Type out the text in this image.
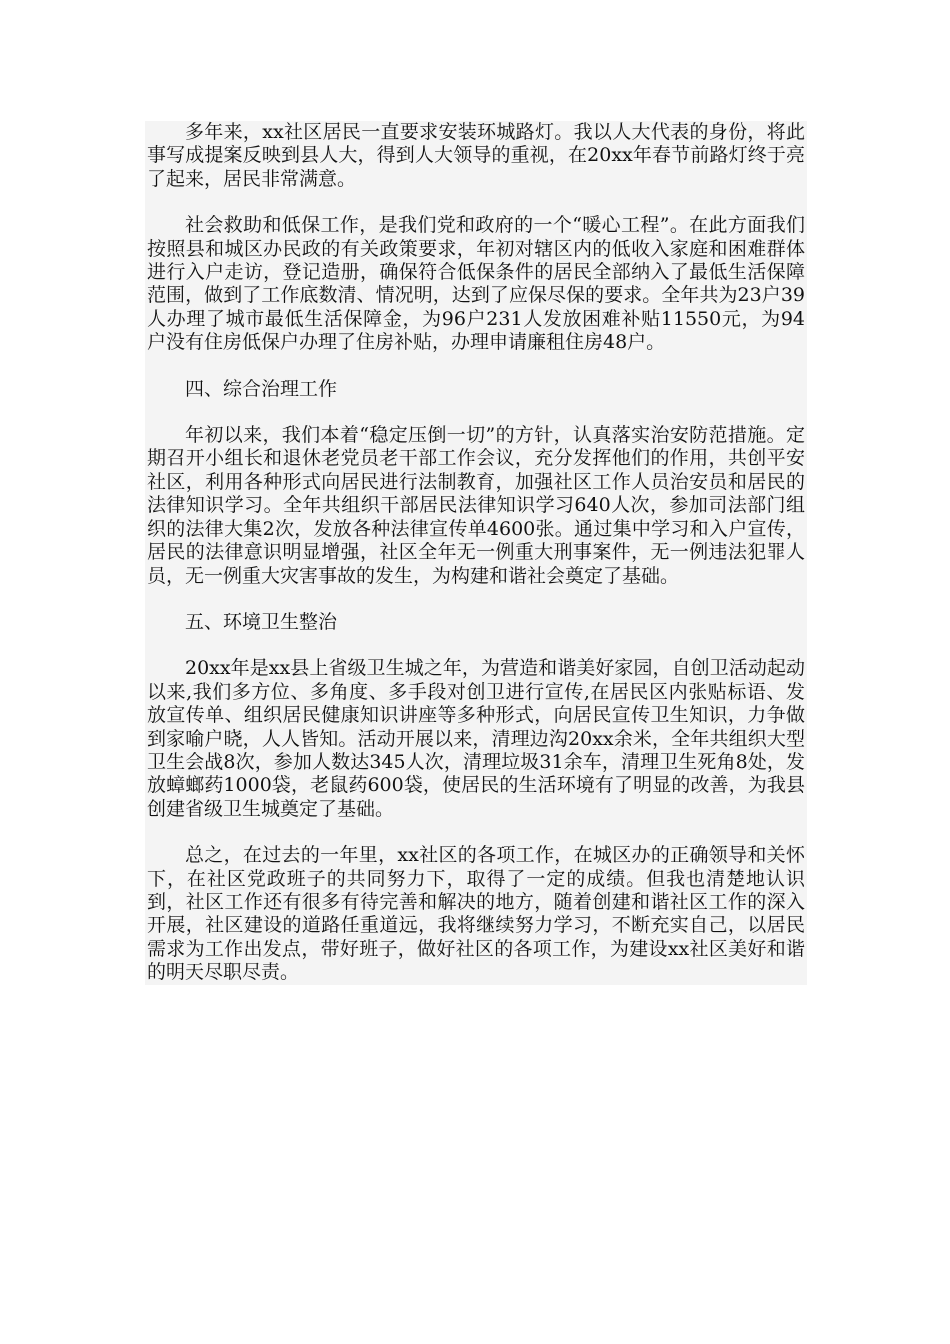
多年来，xx社区居民一直要求安装环城路灯。我以人大代表的身份，将此事写成提案反映到县人大，得到人大领导的重视，在20xx年春节前路灯终于亮了起来，居民非常满意。

社会救助和低保工作，是我们党和政府的一个“暖心工程”。在此方面我们按照县和城区办民政的有关政策要求，年初对辖区内的低收入家庭和困难群体进行入户走访，登记造册，确保符合低保条件的居民全部纳入了最低生活保障范围，做到了工作底数清、情况明，达到了应保尽保的要求。全年共为23户39人办理了城市最低生活保障金，为96户231人发放困难补贴11550元，为94户没有住房低保户办理了住房补贴，办理申请廉租住房48户。

四、综合治理工作

年初以来，我们本着“稳定压倒一切”的方针，认真落实治安防范措施。定期召开小组长和退休老党员老干部工作会议，充分发挥他们的作用，共创平安社区，利用各种形式向居民进行法制教育，加强社区工作人员治安员和居民的法律知识学习。全年共组织干部居民法律知识学习640人次，参加司法部门组织的法律大集2次，发放各种法律宣传单4600张。通过集中学习和入户宣传，居民的法律意识明显增强，社区全年无一例重大刑事案件，无一例违法犯罪人员，无一例重大灾害事故的发生，为构建和谐社会奠定了基础。

五、环境卫生整治

20xx年是xx县上省级卫生城之年，为营造和谐美好家园，自创卫活动起动以来,我们多方位、多角度、多手段对创卫进行宣传,在居民区内张贴标语、发放宣传单、组织居民健康知识讲座等多种形式，向居民宣传卫生知识，力争做到家喻户晓，人人皆知。活动开展以来，清理边沟20xx余米，全年共组织大型卫生会战8次，参加人数达345人次，清理垃圾31余车，清理卫生死角8处，发放蟑螂药1000袋，老鼠药600袋，使居民的生活环境有了明显的改善，为我县创建省级卫生城奠定了基础。

总之，在过去的一年里，xx社区的各项工作，在城区办的正确领导和关怀下，在社区党政班子的共同努力下，取得了一定的成绩。但我也清楚地认识到，社区工作还有很多有待完善和解决的地方，随着创建和谐社区工作的深入开展，社区建设的道路任重道远，我将继续努力学习，不断充实自己，以居民需求为工作出发点，带好班子，做好社区的各项工作，为建设xx社区美好和谐的明天尽职尽责。
